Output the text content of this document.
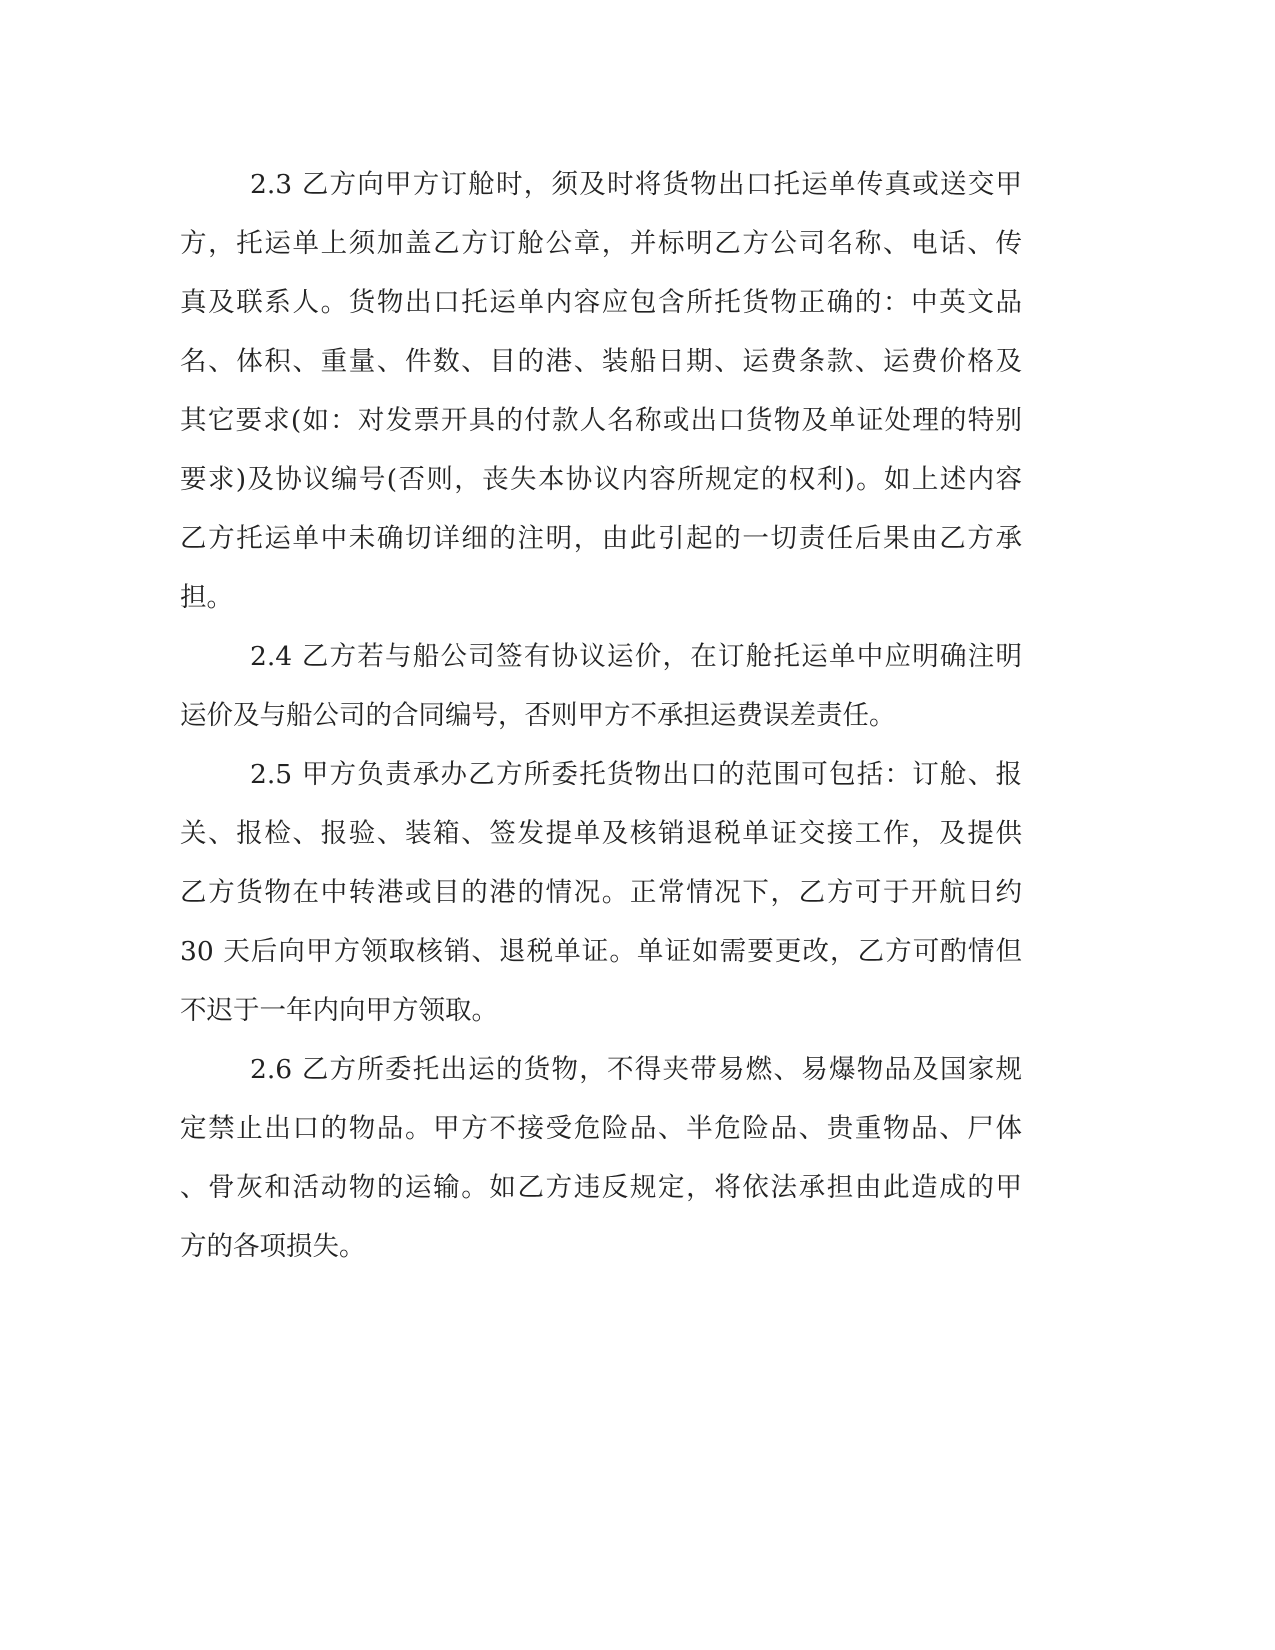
2.3 乙方向甲方订舱时，须及时将货物出口托运单传真或送交甲
方，托运单上须加盖乙方订舱公章，并标明乙方公司名称、电话、传
真及联系人。货物出口托运单内容应包含所托货物正确的：中英文品
名、体积、重量、件数、目的港、装船日期、运费条款、运费价格及
其它要求(如：对发票开具的付款人名称或出口货物及单证处理的特别
要求)及协议编号(否则，丧失本协议内容所规定的权利)。如上述内容
乙方托运单中未确切详细的注明，由此引起的一切责任后果由乙方承
担。
2.4 乙方若与船公司签有协议运价，在订舱托运单中应明确注明
运价及与船公司的合同编号，否则甲方不承担运费误差责任。
2.5 甲方负责承办乙方所委托货物出口的范围可包括：订舱、报
关、报检、报验、装箱、签发提单及核销退税单证交接工作，及提供
乙方货物在中转港或目的港的情况。正常情况下，乙方可于开航日约
30 天后向甲方领取核销、退税单证。单证如需要更改，乙方可酌情但
不迟于一年内向甲方领取。
2.6 乙方所委托出运的货物，不得夹带易燃、易爆物品及国家规
定禁止出口的物品。甲方不接受危险品、半危险品、贵重物品、尸体
、骨灰和活动物的运输。如乙方违反规定，将依法承担由此造成的甲
方的各项损失。
